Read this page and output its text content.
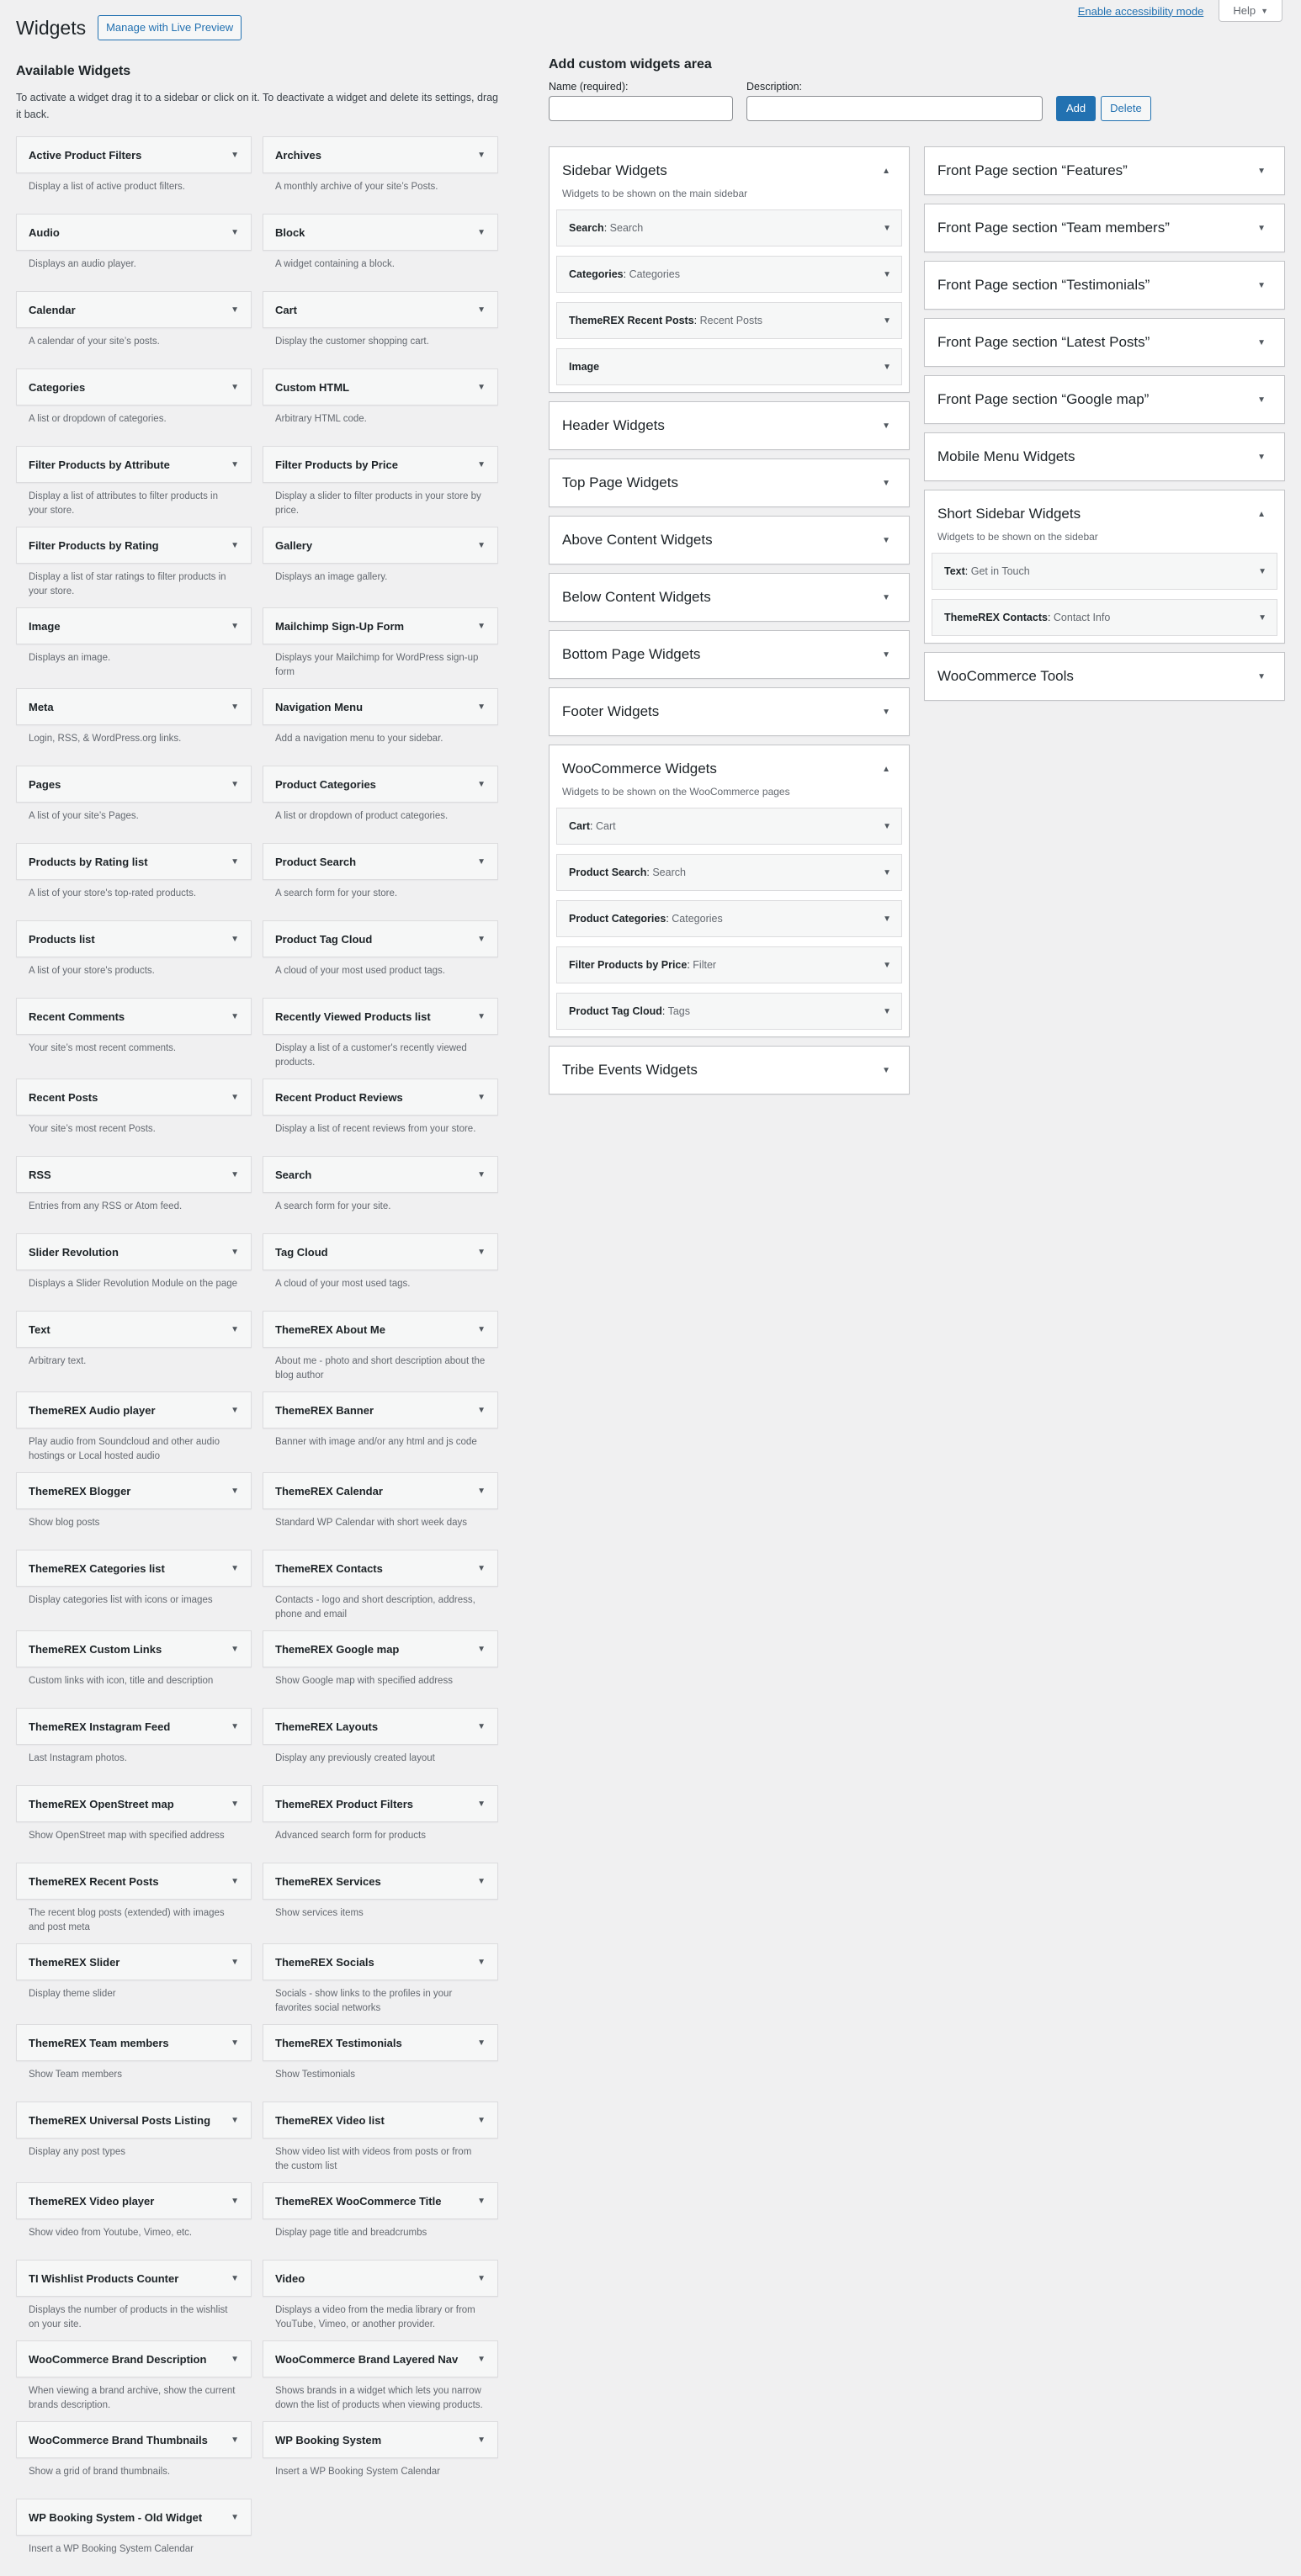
Enable accessibility mode	Help ▼
Widgets	Manage with Live Preview
Available Widgets

To activate a widget drag it to a sidebar or click on it. To deactivate a widget and delete its settings, drag it back.

Active Product Filters	▼
Display a list of active product filters.
Archives	▼
A monthly archive of your site’s Posts.
Audio	▼
Displays an audio player.
Block	▼
A widget containing a block.
Calendar	▼
A calendar of your site’s posts.
Cart	▼
Display the customer shopping cart.
Categories	▼
A list or dropdown of categories.
Custom HTML	▼
Arbitrary HTML code.
Filter Products by Attribute	▼
Display a list of attributes to filter products in your store.
Filter Products by Price	▼
Display a slider to filter products in your store by price.
Filter Products by Rating	▼
Display a list of star ratings to filter products in your store.
Gallery	▼
Displays an image gallery.
Image	▼
Displays an image.
Mailchimp Sign-Up Form	▼
Displays your Mailchimp for WordPress sign-up form
Meta	▼
Login, RSS, & WordPress.org links.
Navigation Menu	▼
Add a navigation menu to your sidebar.
Pages	▼
A list of your site’s Pages.
Product Categories	▼
A list or dropdown of product categories.
Products by Rating list	▼
A list of your store's top-rated products.
Product Search	▼
A search form for your store.
Products list	▼
A list of your store's products.
Product Tag Cloud	▼
A cloud of your most used product tags.
Recent Comments	▼
Your site’s most recent comments.
Recently Viewed Products list	▼
Display a list of a customer's recently viewed products.
Recent Posts	▼
Your site’s most recent Posts.
Recent Product Reviews	▼
Display a list of recent reviews from your store.
RSS	▼
Entries from any RSS or Atom feed.
Search	▼
A search form for your site.
Slider Revolution	▼
Displays a Slider Revolution Module on the page
Tag Cloud	▼
A cloud of your most used tags.
Text	▼
Arbitrary text.
ThemeREX About Me	▼
About me - photo and short description about the blog author
ThemeREX Audio player	▼
Play audio from Soundcloud and other audio hostings or Local hosted audio
ThemeREX Banner	▼
Banner with image and/or any html and js code
ThemeREX Blogger	▼
Show blog posts
ThemeREX Calendar	▼
Standard WP Calendar with short week days
ThemeREX Categories list	▼
Display categories list with icons or images
ThemeREX Contacts	▼
Contacts - logo and short description, address, phone and email
ThemeREX Custom Links	▼
Custom links with icon, title and description
ThemeREX Google map	▼
Show Google map with specified address
ThemeREX Instagram Feed	▼
Last Instagram photos.
ThemeREX Layouts	▼
Display any previously created layout
ThemeREX OpenStreet map	▼
Show OpenStreet map with specified address
ThemeREX Product Filters	▼
Advanced search form for products
ThemeREX Recent Posts	▼
The recent blog posts (extended) with images and post meta
ThemeREX Services	▼
Show services items
ThemeREX Slider	▼
Display theme slider
ThemeREX Socials	▼
Socials - show links to the profiles in your favorites social networks
ThemeREX Team members	▼
Show Team members
ThemeREX Testimonials	▼
Show Testimonials
ThemeREX Universal Posts Listing ▼
Display any post types
ThemeREX Video list	▼
Show video list with videos from posts or from the custom list
ThemeREX Video player	▼
Show video from Youtube, Vimeo, etc.
ThemeREX WooCommerce Title	▼
Display page title and breadcrumbs
TI Wishlist Products Counter	▼
Displays the number of products in the wishlist on your site.
Video	▼
Displays a video from the media library or from YouTube, Vimeo, or another provider.
WooCommerce Brand Description	▼
When viewing a brand archive, show the current brands description.
WooCommerce Brand Layered Nav ▼
Shows brands in a widget which lets you narrow down the list of products when viewing products.
WooCommerce Brand Thumbnails	▼
Show a grid of brand thumbnails.
WP Booking System	▼
Insert a WP Booking System Calendar
WP Booking System - Old Widget	▼
Insert a WP Booking System Calendar
Add custom widgets area
Name (required):	Description:
Add	Delete
Sidebar Widgets	▲
Widgets to be shown on the main sidebar
Search: Search	▼
Categories: Categories	▼
ThemeREX Recent Posts: Recent Posts	▼
Image	▼
Header Widgets	▼
Top Page Widgets	▼
Above Content Widgets	▼
Below Content Widgets	▼
Bottom Page Widgets	▼
Footer Widgets	▼
WooCommerce Widgets	▲
Widgets to be shown on the WooCommerce pages
Cart: Cart	▼
Product Search: Search	▼
Product Categories: Categories	▼
Filter Products by Price: Filter	▼
Product Tag Cloud: Tags	▼
Tribe Events Widgets	▼
Front Page section “Features”	▼
Front Page section “Team members”	▼
Front Page section “Testimonials”	▼
Front Page section “Latest Posts”	▼
Front Page section “Google map”	▼
Mobile Menu Widgets	▼
Short Sidebar Widgets	▲
Widgets to be shown on the sidebar
Text: Get in Touch	▼
ThemeREX Contacts: Contact Info	▼
WooCommerce Tools	▼
